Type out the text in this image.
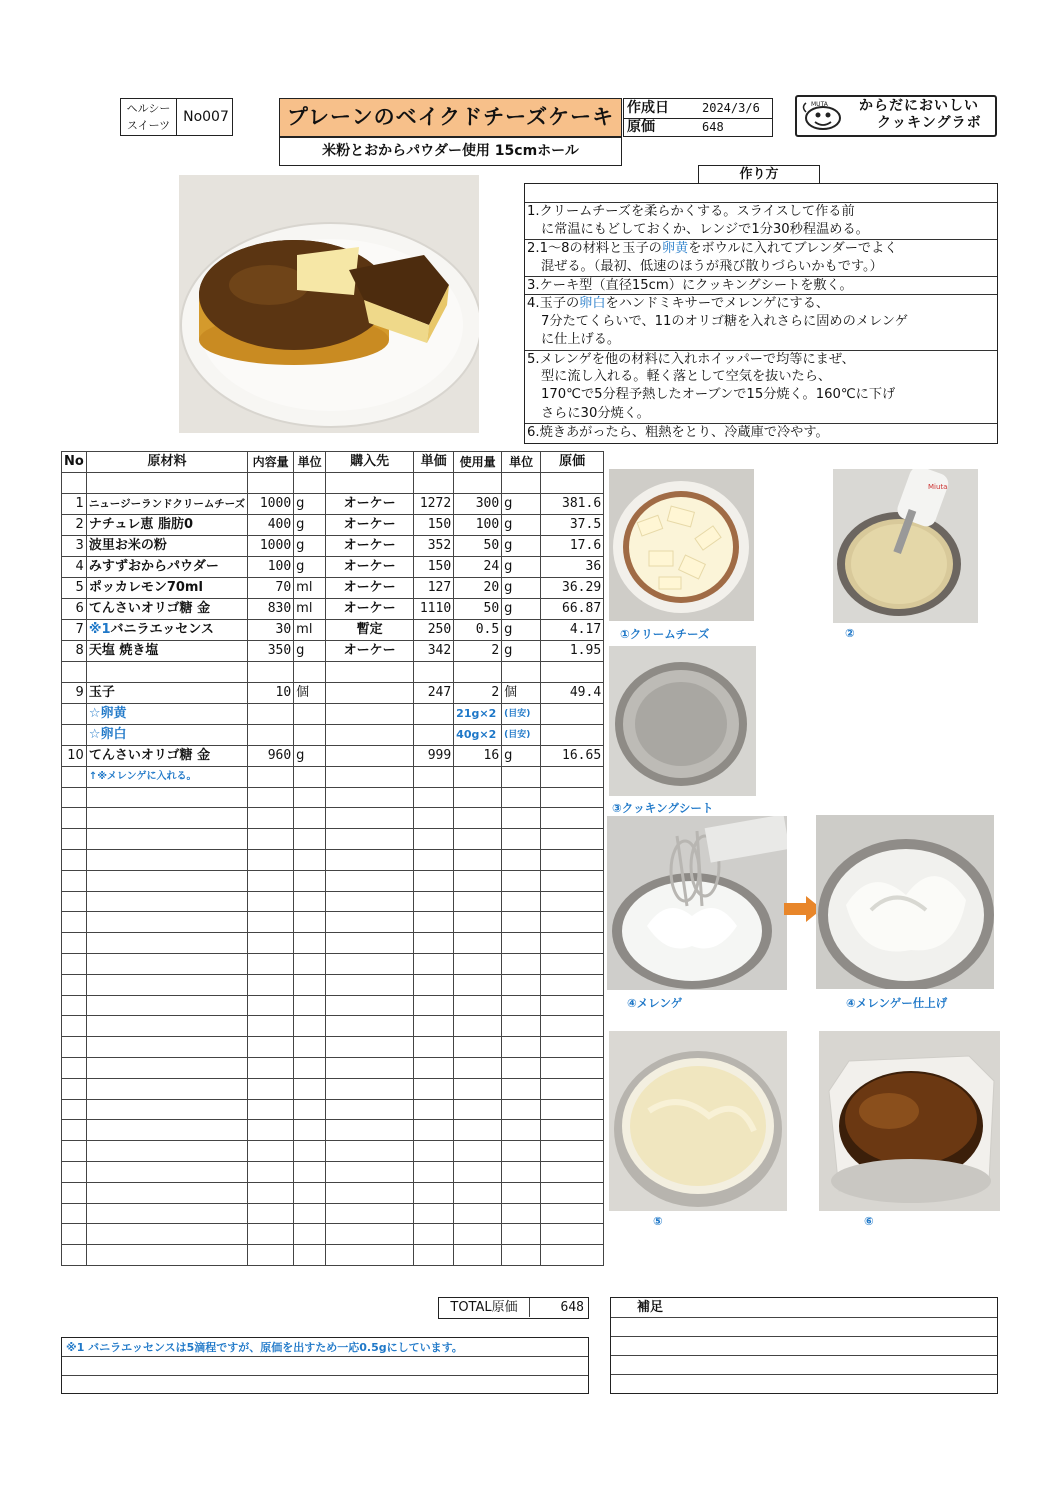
ヘルシー
スイーツ
No007	プレーンのベイクドチーズケーキ
米粉とおからパウダー使用 15cmホール
作成日	2024/3/6
原価	648
MUTA からだにおいしい
クッキングラボ
作り方
1.クリームチーズを柔らかくする。スライスして作る前
に常温にもどしておくか、レンジで1分30秒程温める。
2.1～8の材料と玉子の卵黄をボウルに入れてブレンダーでよく
混ぜる。（最初、低速のほうが飛び散りづらいかもです。）
3.ケーキ型（直径15cm）にクッキングシートを敷く。
4.玉子の卵白をハンドミキサーでメレンゲにする、
7分たてくらいで、11のオリゴ糖を入れさらに固めのメレンゲ
に仕上げる。
5.メレンゲを他の材料に入れホイッパーで均等にまぜ、
型に流し入れる。軽く落として空気を抜いたら、
170℃で5分程予熱したオーブンで15分焼く。160℃に下げ
さらに30分焼く。
6.焼きあがったら、粗熱をとり、冷蔵庫で冷やす。
No	原材料	内容量	単位	購入先	単価	使用量	単位	原価

1	ニュージーランドクリームチーズ	1000	g	オーケー	1272	300	g	381.6
2	ナチュレ恵 脂肪0	400	g	オーケー	150	100	g	37.5
3	波里お米の粉	1000	g	オーケー	352	50	g	17.6
4	みすずおからパウダー	100	g	オーケー	150	24	g	36
5	ポッカレモン70ml	70	ml	オーケー	127	20	g	36.29
6	てんさいオリゴ糖 金	830	ml	オーケー	1110	50	g	66.87
7	※1バニラエッセンス	30	ml	暫定	250	0.5	g	4.17
8	天塩 焼き塩	350	g	オーケー	342	2	g	1.95

9	玉子	10	個		247	2	個	49.4
	☆卵黄					21g×2	(目安)	
	☆卵白					40g×2	(目安)	
10	てんさいオリゴ糖 金	960	g		999	16	g	16.65
	↑※メレンゲに入れる。							

TOTAL原価	648
※1 バニラエッセンスは5滴程ですが、原価を出すため一応0.5gにしています。
補足
①クリームチーズ
Miuta
②
③クッキングシート
④メレンゲ	④メレンゲー仕上げ
⑤	⑥
